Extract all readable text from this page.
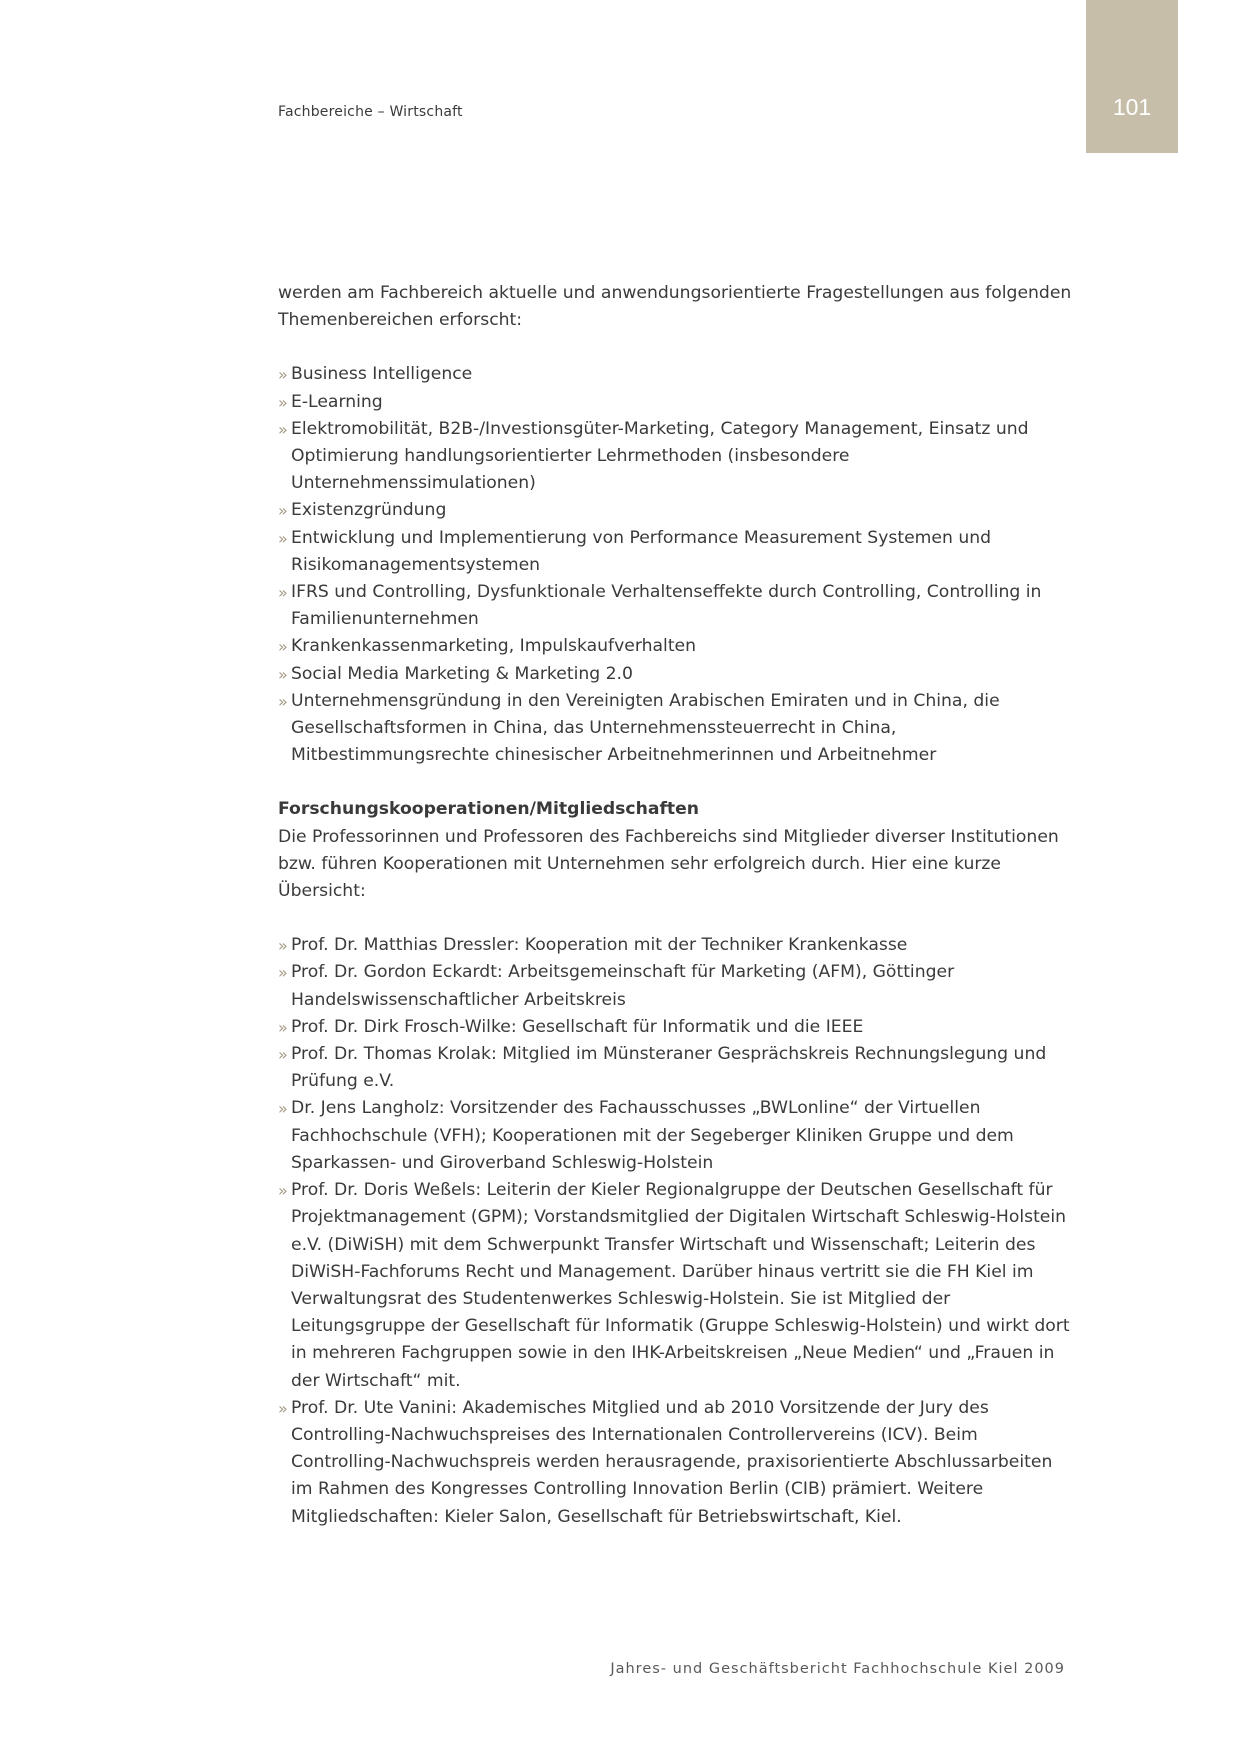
101
Fachbereiche – Wirtschaft

werden am Fachbereich aktuelle und anwendungsorientierte Fragestellungen aus folgenden Themenbereichen erforscht:

» Business Intelligence
» E-Learning
» Elektromobilität, B2B-/Investionsgüter-Marketing, Category Management, Einsatz und Optimierung handlungsorientierter Lehrmethoden (insbesondere Unternehmenssimulationen)
» Existenzgründung
» Entwicklung und Implementierung von Performance Measurement Systemen und Risikomanagementsystemen
» IFRS und Controlling, Dysfunktionale Verhaltenseffekte durch Controlling, Controlling in Familienunternehmen
» Krankenkassenmarketing, Impulskaufverhalten
» Social Media Marketing & Marketing 2.0
» Unternehmensgründung in den Vereinigten Arabischen Emiraten und in China, die Gesellschaftsformen in China, das Unternehmenssteuerrecht in China, Mitbestimmungsrechte chinesischer Arbeitnehmerinnen und Arbeitnehmer
Forschungskooperationen/Mitgliedschaften

Die Professorinnen und Professoren des Fachbereichs sind Mitglieder diverser Institutionen bzw. führen Kooperationen mit Unternehmen sehr erfolgreich durch. Hier eine kurze Übersicht:

» Prof. Dr. Matthias Dressler: Kooperation mit der Techniker Krankenkasse
» Prof. Dr. Gordon Eckardt: Arbeitsgemeinschaft für Marketing (AFM), Göttinger Handelswissenschaftlicher Arbeitskreis
» Prof. Dr. Dirk Frosch-Wilke: Gesellschaft für Informatik und die IEEE
» Prof. Dr. Thomas Krolak: Mitglied im Münsteraner Gesprächskreis Rechnungslegung und Prüfung e.V.
» Dr. Jens Langholz: Vorsitzender des Fachausschusses „BWLonline“ der Virtuellen Fachhochschule (VFH); Kooperationen mit der Segeberger Kliniken Gruppe und dem Sparkassen- und Giroverband Schleswig-Holstein
» Prof. Dr. Doris Weßels: Leiterin der Kieler Regionalgruppe der Deutschen Gesellschaft für Projektmanagement (GPM); Vorstandsmitglied der Digitalen Wirtschaft Schleswig-Holstein e.V. (DiWiSH) mit dem Schwerpunkt Transfer Wirtschaft und Wissenschaft; Leiterin des DiWiSH-Fachforums Recht und Management. Darüber hinaus vertritt sie die FH Kiel im Verwaltungsrat des Studentenwerkes Schleswig-Holstein. Sie ist Mitglied der Leitungsgruppe der Gesellschaft für Informatik (Gruppe Schleswig-Holstein) und wirkt dort in mehreren Fachgruppen sowie in den IHK-Arbeitskreisen „Neue Medien“ und „Frauen in der Wirtschaft“ mit.
» Prof. Dr. Ute Vanini: Akademisches Mitglied und ab 2010 Vorsitzende der Jury des Controlling-Nachwuchspreises des Internationalen Controllervereins (ICV). Beim Controlling-Nachwuchspreis werden herausragende, praxisorientierte Abschlussarbeiten im Rahmen des Kongresses Controlling Innovation Berlin (CIB) prämiert. Weitere Mitgliedschaften: Kieler Salon, Gesellschaft für Betriebswirtschaft, Kiel.
Jahres- und Geschäftsbericht Fachhochschule Kiel 2009
